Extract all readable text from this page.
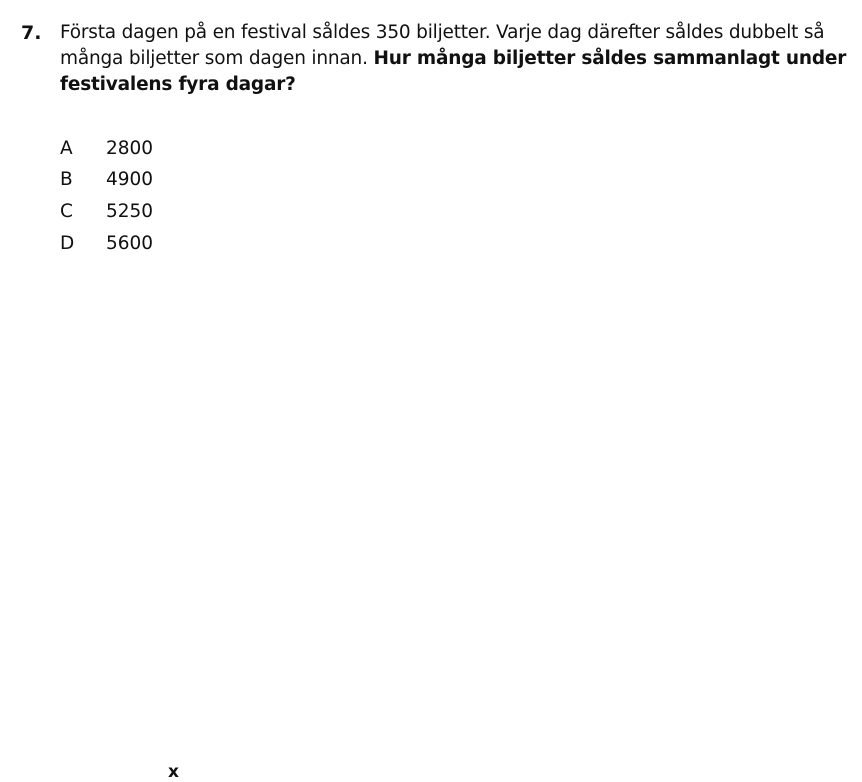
7. Första dagen på en festival såldes 350 biljetter. Varje dag därefter såldes dubbelt så många biljetter som dagen innan. Hur många biljetter såldes sammanlagt under festivalens fyra dagar?
A	2800
B	4900
C	5250
D	5600
x
